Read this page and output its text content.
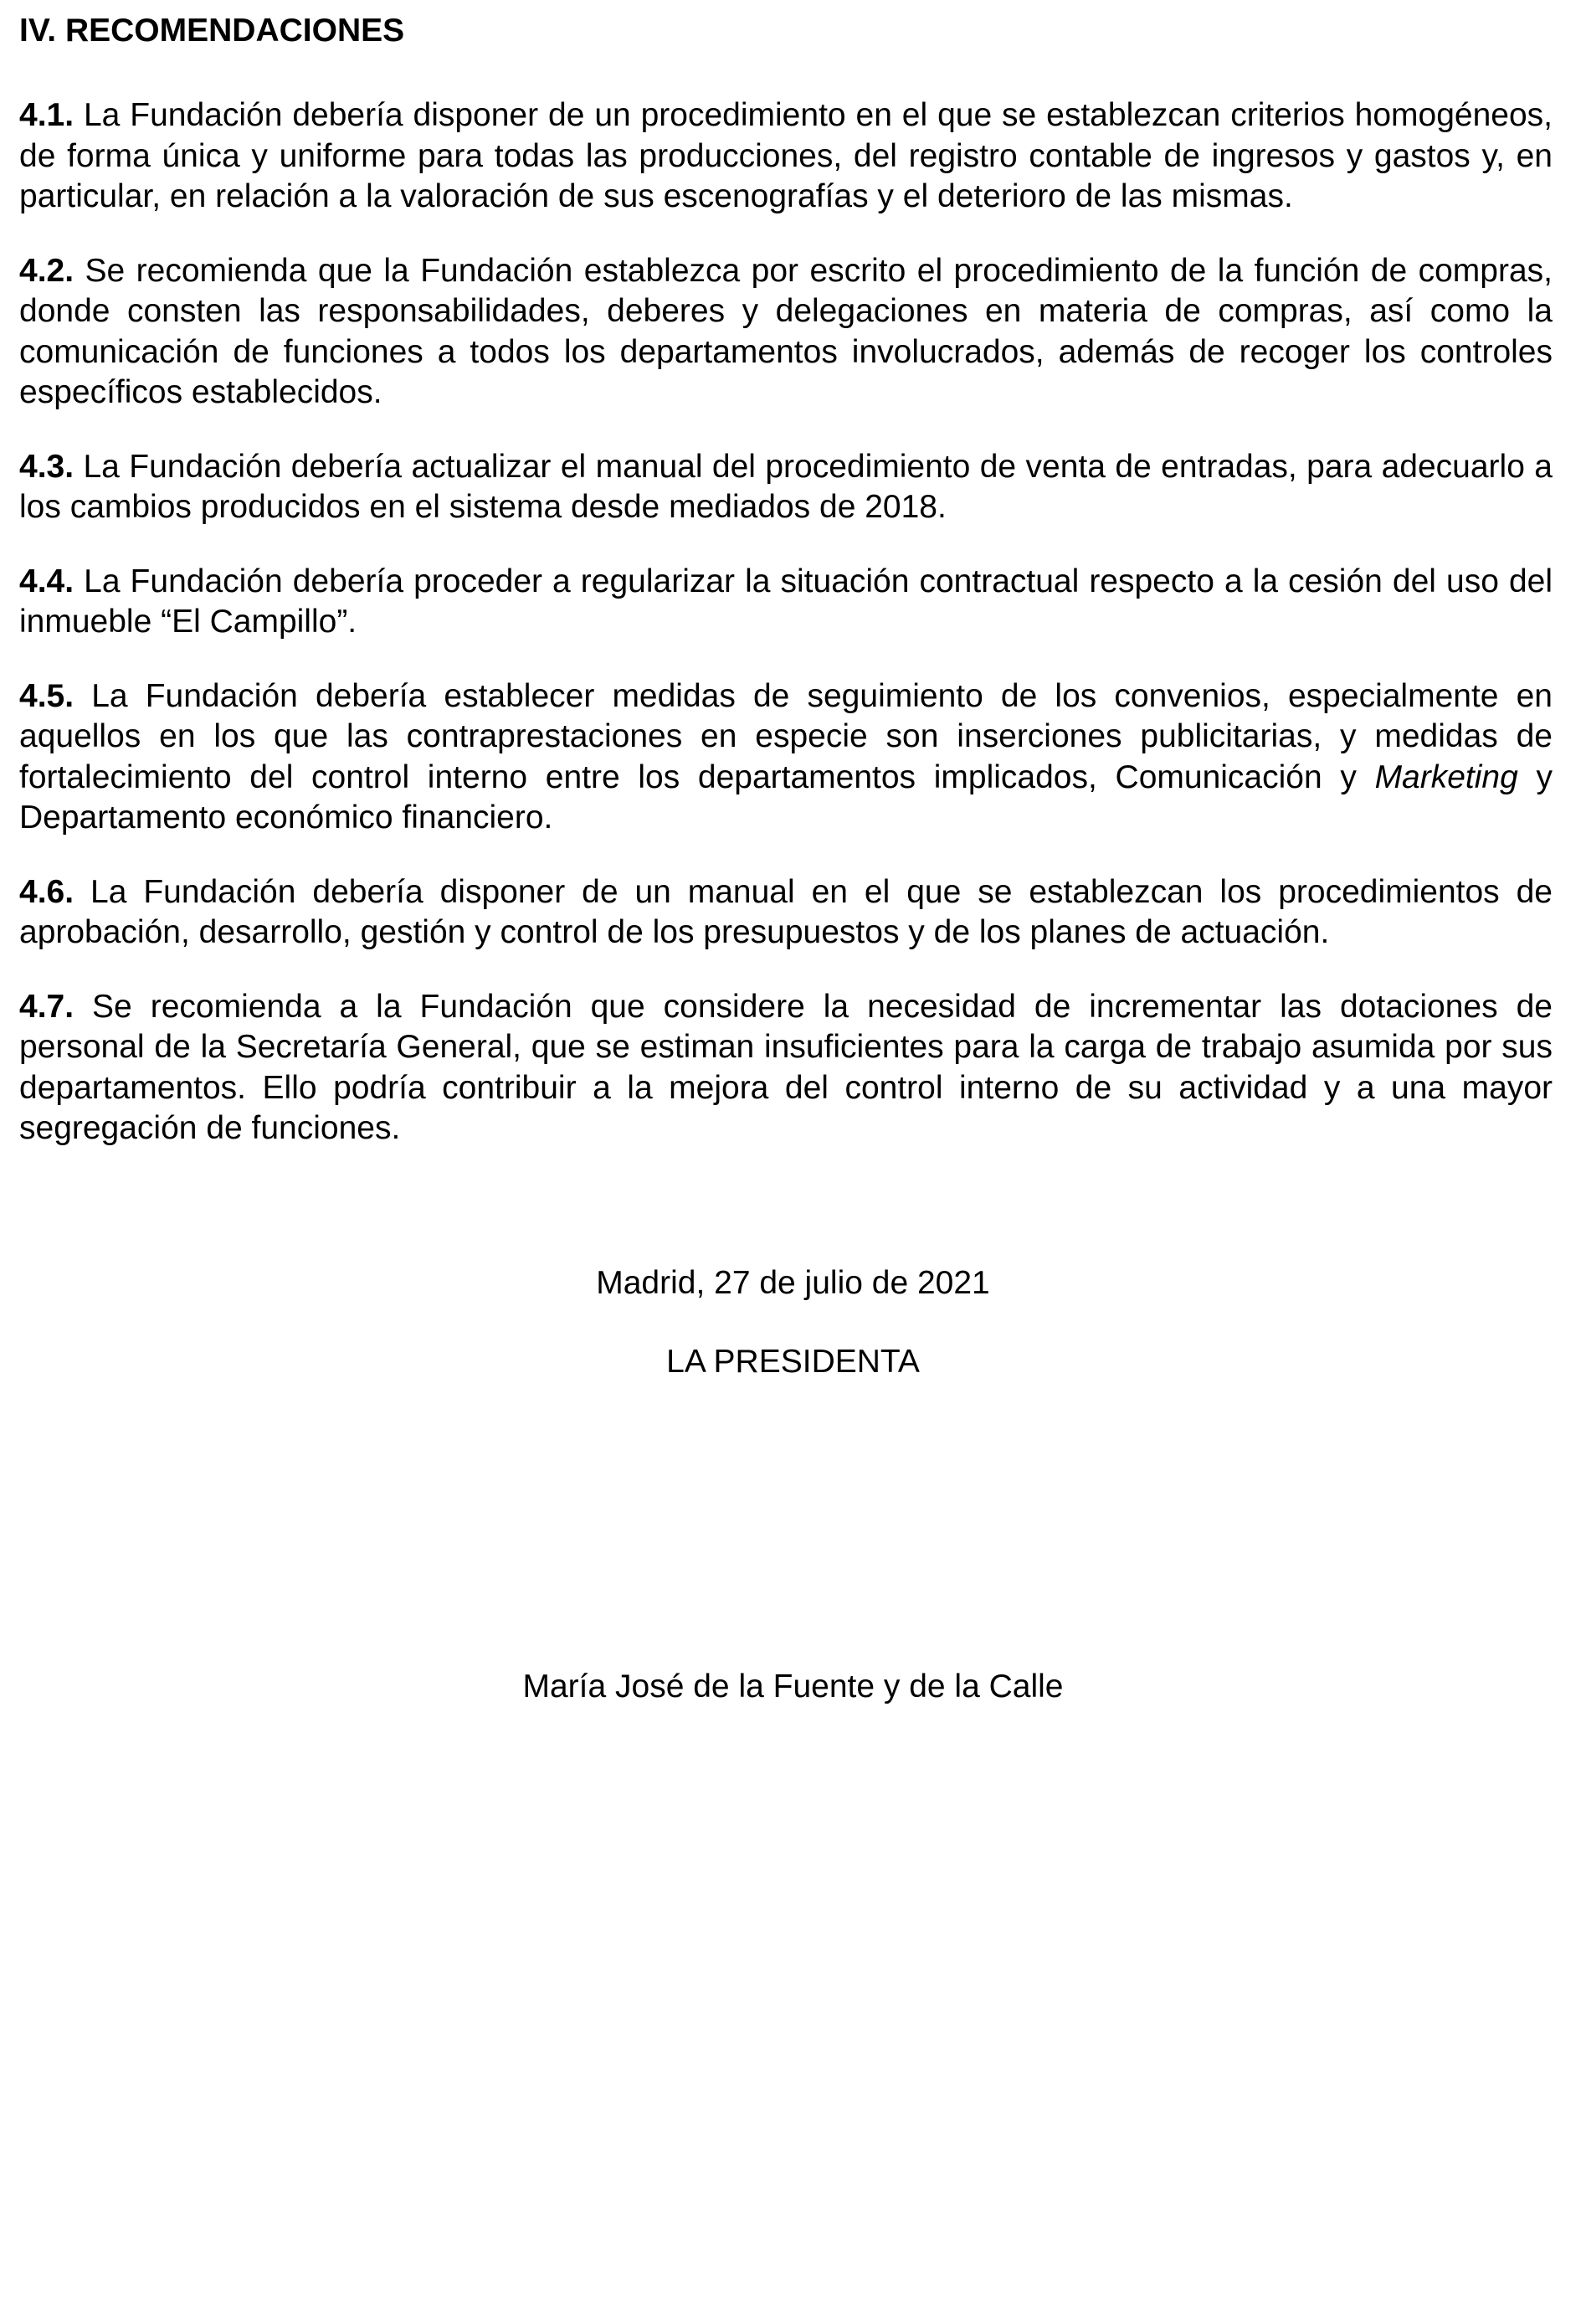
IV. RECOMENDACIONES

4.1. La Fundación debería disponer de un procedimiento en el que se establezcan criterios homogéneos, de forma única y uniforme para todas las producciones, del registro contable de ingresos y gastos y, en particular, en relación a la valoración de sus escenografías y el deterioro de las mismas.

4.2. Se recomienda que la Fundación establezca por escrito el procedimiento de la función de compras, donde consten las responsabilidades, deberes y delegaciones en materia de compras, así como la comunicación de funciones a todos los departamentos involucrados, además de recoger los controles específicos establecidos.

4.3. La Fundación debería actualizar el manual del procedimiento de venta de entradas, para adecuarlo a los cambios producidos en el sistema desde mediados de 2018.

4.4. La Fundación debería proceder a regularizar la situación contractual respecto a la cesión del uso del inmueble “El Campillo”.

4.5. La Fundación debería establecer medidas de seguimiento de los convenios, especialmente en aquellos en los que las contraprestaciones en especie son inserciones publicitarias, y medidas de fortalecimiento del control interno entre los departamentos implicados, Comunicación y Marketing y Departamento económico financiero.

4.6. La Fundación debería disponer de un manual en el que se establezcan los procedimientos de aprobación, desarrollo, gestión y control de los presupuestos y de los planes de actuación.

4.7. Se recomienda a la Fundación que considere la necesidad de incrementar las dotaciones de personal de la Secretaría General, que se estiman insuficientes para la carga de trabajo asumida por sus departamentos. Ello podría contribuir a la mejora del control interno de su actividad y a una mayor segregación de funciones.

Madrid, 27 de julio de 2021
LA PRESIDENTA
María José de la Fuente y de la Calle
